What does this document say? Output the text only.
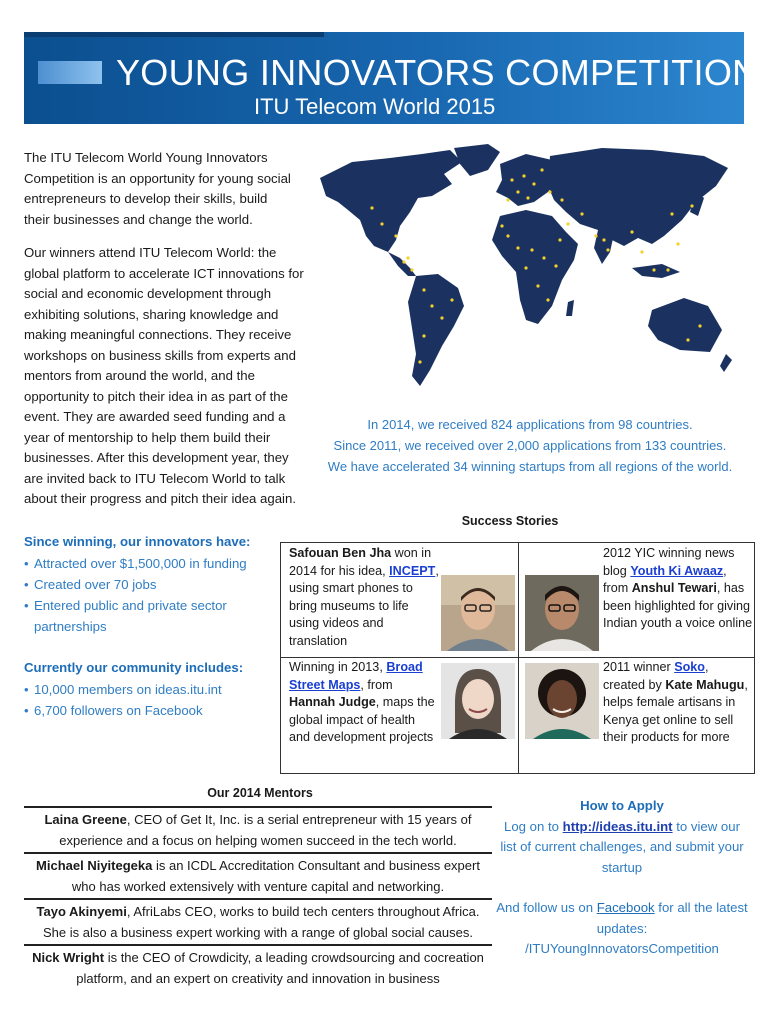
YOUNG INNOVATORS COMPETITION
ITU Telecom World 2015

The ITU Telecom World Young Innovators Competition is an opportunity for young social entrepreneurs to develop their skills, build their businesses and change the world.

Our winners attend ITU Telecom World: the global platform to accelerate ICT innovations for social and economic development through exhibiting solutions, sharing knowledge and making meaningful connections. They receive workshops on business skills from experts and mentors from around the world, and the opportunity to pitch their idea in as part of the event. They are awarded seed funding and a year of mentorship to help them build their businesses. After this development year, they are invited back to ITU Telecom World to talk about their progress and pitch their idea again.

In 2014, we received 824 applications from 98 countries.
Since 2011, we received over 2,000 applications from 133 countries.
We have accelerated 34 winning startups from all regions of the world.

Since winning, our innovators have:

• Attracted over $1,500,000 in funding
• Created over 70 jobs
• Entered public and private sector partnerships

Currently our community includes:

• 10,000 members on ideas.itu.int
• 6,700 followers on Facebook
Success Stories
Safouan Ben Jha won in 2014 for his idea, INCEPT, using smart phones to bring museums to life using videos and translation
2012 YIC winning news blog Youth Ki Awaaz, from Anshul Tewari, has been highlighted for giving Indian youth a voice online
Winning in 2013, Broad Street Maps, from Hannah Judge, maps the global impact of health and development projects
2011 winner Soko, created by Kate Mahugu, helps female artisans in Kenya get online to sell their products for more
Our 2014 Mentors
Laina Greene, CEO of Get It, Inc. is a serial entrepreneur with 15 years of experience and a focus on helping women succeed in the tech world.
Michael Niyitegeka is an ICDL Accreditation Consultant and business expert who has worked extensively with venture capital and networking.
Tayo Akinyemi, AfriLabs CEO, works to build tech centers throughout Africa. She is also a business expert working with a range of global social causes.
Nick Wright is the CEO of Crowdicity, a leading crowdsourcing and cocreation platform, and an expert on creativity and innovation in business
How to Apply
Log on to http://ideas.itu.int to view our list of current challenges, and submit your startup
And follow us on Facebook for all the latest updates:
/ITUYoungInnovatorsCompetition
